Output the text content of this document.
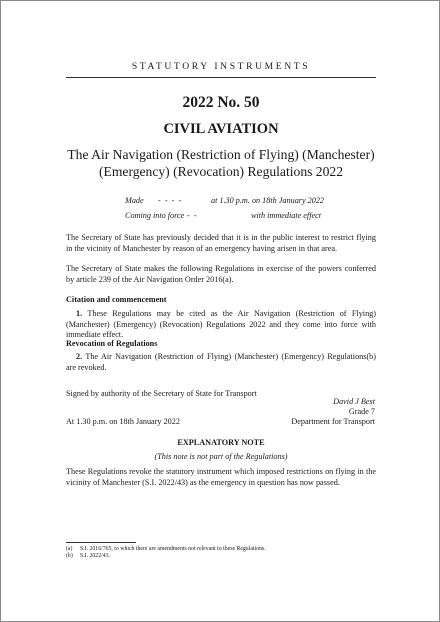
STATUTORY INSTRUMENTS
2022 No. 50
CIVIL AVIATION
The Air Navigation (Restriction of Flying) (Manchester) (Emergency) (Revocation) Regulations 2022
Made -  -  -  -	at 1.30 p.m. on 18th January 2022
Coming into force -  -	with immediate effect
The Secretary of State has previously decided that it is in the public interest to restrict flying in the vicinity of Manchester by reason of an emergency having arisen in that area.
The Secretary of State makes the following Regulations in exercise of the powers conferred by article 239 of the Air Navigation Order 2016(a).
Citation and commencement
1. These Regulations may be cited as the Air Navigation (Restriction of Flying) (Manchester) (Emergency) (Revocation) Regulations 2022 and they come into force with immediate effect.
Revocation of Regulations
2. The Air Navigation (Restriction of Flying) (Manchester) (Emergency) Regulations(b) are revoked.
Signed by authority of the Secretary of State for Transport
David J Best
Grade 7
At 1.30 p.m. on 18th January 2022	Department for Transport
EXPLANATORY NOTE
(This note is not part of the Regulations)
These Regulations revoke the statutory instrument which imposed restrictions on flying in the vicinity of Manchester (S.I. 2022/43) as the emergency in question has now passed.
(a) S.I. 2016/765, to which there are amendments not relevant to these Regulations.
(b) S.I. 2022/43.
